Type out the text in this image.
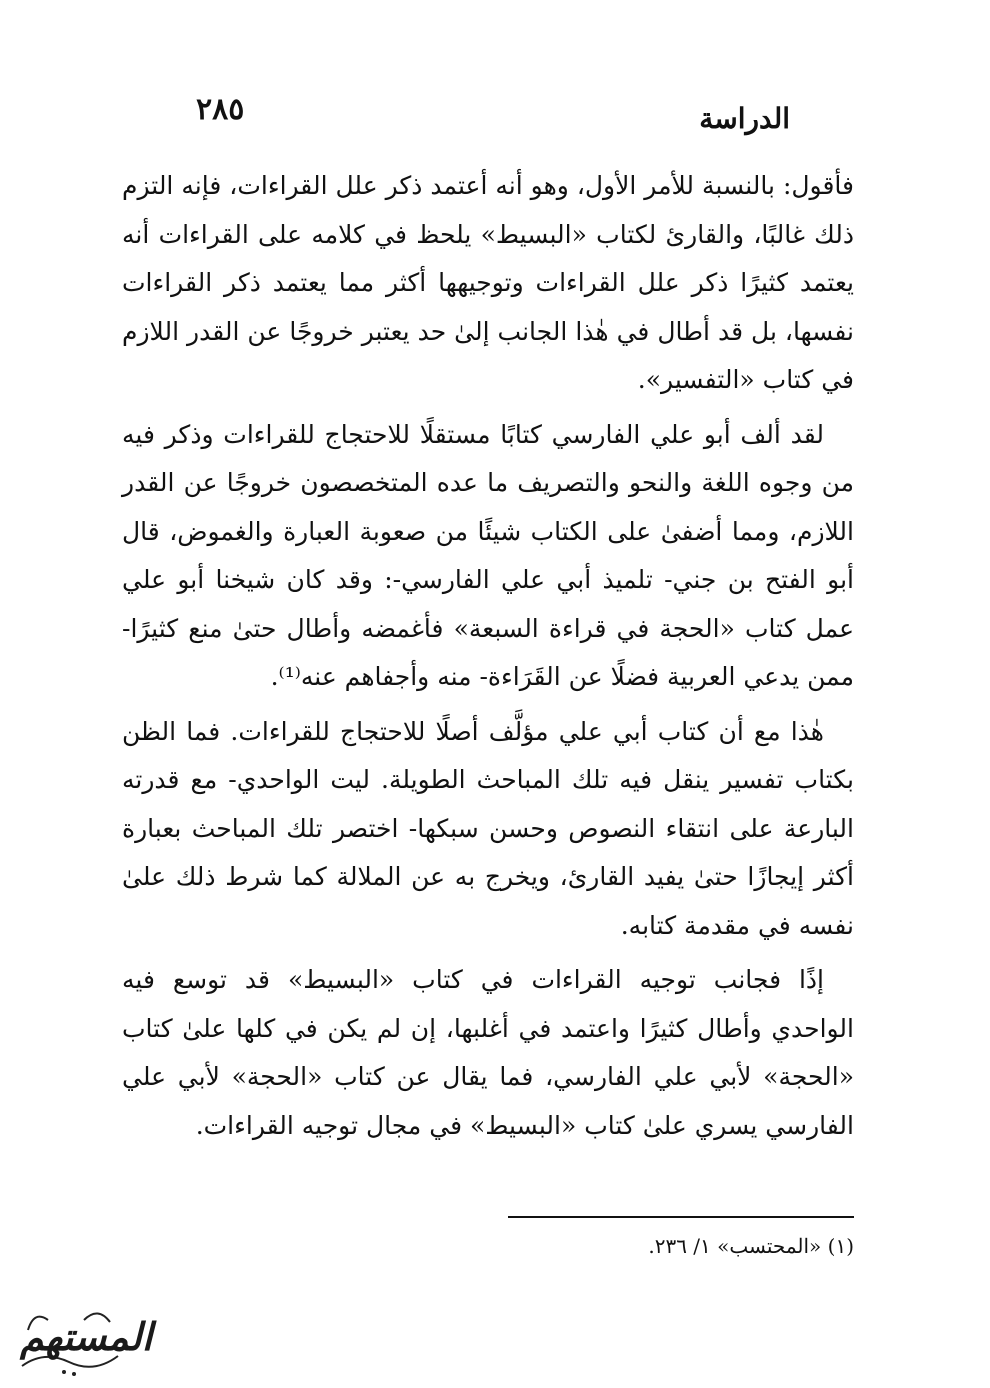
٢٨٥	الدراسة

فأقول: بالنسبة للأمر الأول، وهو أنه أعتمد ذكر علل القراءات، فإنه التزم ذلك غالبًا، والقارئ لكتاب «البسيط» يلحظ في كلامه على القراءات أنه يعتمد كثيرًا ذكر علل القراءات وتوجيهها أكثر مما يعتمد ذكر القراءات نفسها، بل قد أطال في هٰذا الجانب إلىٰ حد يعتبر خروجًا عن القدر اللازم في كتاب «التفسير».

لقد ألف أبو علي الفارسي كتابًا مستقلًا للاحتجاج للقراءات وذكر فيه من وجوه اللغة والنحو والتصريف ما عده المتخصصون خروجًا عن القدر اللازم، ومما أضفىٰ على الكتاب شيئًا من صعوبة العبارة والغموض، قال أبو الفتح بن جني- تلميذ أبي علي الفارسي-: وقد كان شيخنا أبو علي عمل كتاب «الحجة في قراءة السبعة» فأغمضه وأطال حتىٰ منع كثيرًا- ممن يدعي العربية فضلًا عن القَرَاءة- منه وأجفاهم عنه⁽¹⁾.

هٰذا مع أن كتاب أبي علي مؤلَّف أصلًا للاحتجاج للقراءات. فما الظن بكتاب تفسير ينقل فيه تلك المباحث الطويلة. ليت الواحدي- مع قدرته البارعة على انتقاء النصوص وحسن سبكها- اختصر تلك المباحث بعبارة أكثر إيجازًا حتىٰ يفيد القارئ، ويخرج به عن الملالة كما شرط ذلك علىٰ نفسه في مقدمة كتابه.

إذًا فجانب توجيه القراءات في كتاب «البسيط» قد توسع فيه الواحدي وأطال كثيرًا واعتمد في أغلبها، إن لم يكن في كلها علىٰ كتاب «الحجة» لأبي علي الفارسي، فما يقال عن كتاب «الحجة» لأبي علي الفارسي يسري علىٰ كتاب «البسيط» في مجال توجيه القراءات.

(١) «المحتسب» ١/ ٢٣٦.
المستهم
